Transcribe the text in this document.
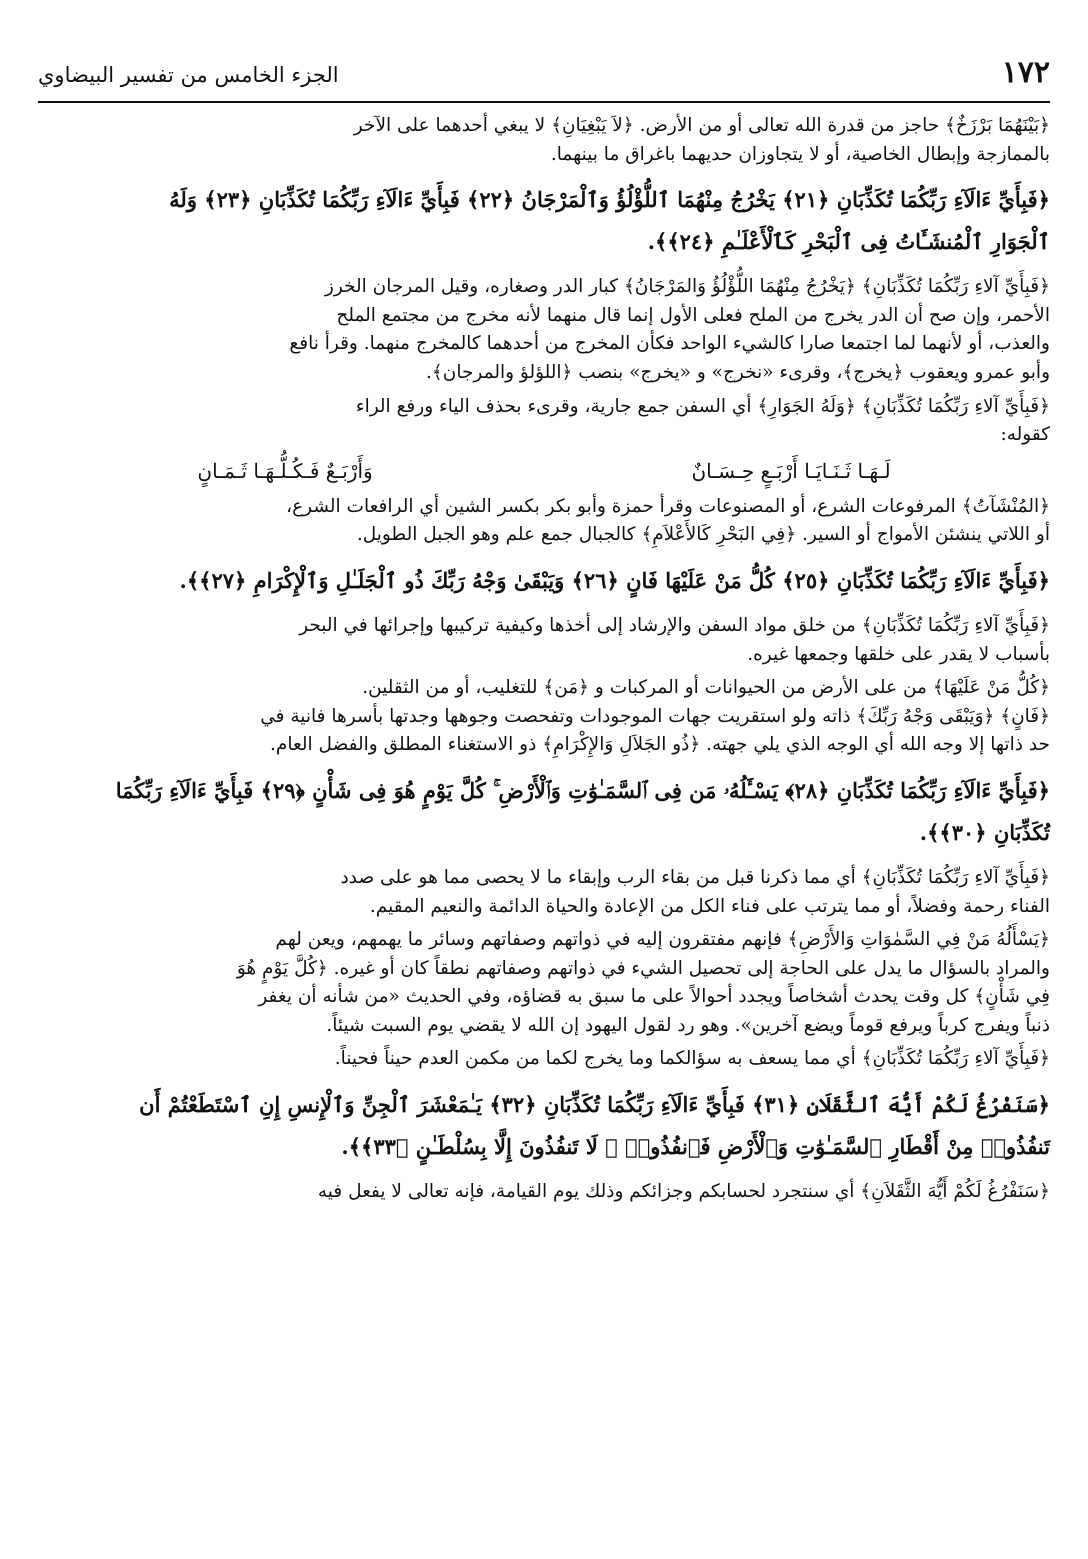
١٧٢
الجزء الخامس من تفسير البيضاوي

﴿بَيْنَهُمَا بَرْزَخٌ﴾ حاجز من قدرة الله تعالى أو من الأرض. ﴿لاَ يَبْغِيَانِ﴾ لا يبغي أحدهما على الآخر
بالممازجة وإبطال الخاصية، أو لا يتجاوزان حديهما باغراق ما بينهما.

﴿فَبِأَيِّ ءَالَآءِ رَبِّكُمَا تُكَذِّبَانِ ﴿٢١﴾ يَخْرُجُ مِنْهُمَا ٱللُّؤْلُؤُ وَٱلْمَرْجَانُ ﴿٢٢﴾ فَبِأَيِّ ءَالَآءِ رَبِّكُمَا تُكَذِّبَانِ ﴿٢٣﴾ وَلَهُ
ٱلْجَوَارِ ٱلْمُنشَـَٔاتُ فِى ٱلْبَحْرِ كَٱلْأَعْلَـٰمِ ﴿٢٤﴾﴾.

﴿فَبِأَيِّ آلاءِ رَبِّكُمَا تُكَذِّبَانِ﴾ ﴿يَخْرُجُ مِنْهُمَا اللُّؤْلُؤُ وَالمَرْجَانُ﴾ كبار الدر وصغاره، وقيل المرجان الخرز
الأحمر، وإن صح أن الدر يخرج من الملح فعلى الأول إنما قال منهما لأنه مخرج من مجتمع الملح
والعذب، أو لأنهما لما اجتمعا صارا كالشيء الواحد فكأن المخرج من أحدهما كالمخرج منهما. وقرأ نافع
وأبو عمرو ويعقوب ﴿يخرج﴾، وقرىء «نخرج» و «يخرج» بنصب ﴿اللؤلؤ والمرجان﴾.

﴿فَبِأَيِّ آلاءِ رَبِّكُمَا تُكَذِّبَانِ﴾ ﴿وَلَهُ الجَوَارِ﴾ أي السفن جمع جارية، وقرىء بحذف الياء ورفع الراء
كقوله:

لَـهَـا ثَـنَـايَـا أَرْبَـعٍ حِـسَـانٌ
وَأَرْبَـعٌ فَـكُـلُّـهَـا ثَـمَـانٍ

﴿المُنْشَآتُ﴾ المرفوعات الشرع، أو المصنوعات وقرأ حمزة وأبو بكر بكسر الشين أي الرافعات الشرع،
أو اللاتي ينشئن الأمواج أو السير. ﴿فِي البَحْرِ كَالأَعْلاَمِ﴾ كالجبال جمع علم وهو الجبل الطويل.

﴿فَبِأَيِّ ءَالَآءِ رَبِّكُمَا تُكَذِّبَانِ ﴿٢٥﴾ كُلُّ مَنْ عَلَيْهَا فَانٍ ﴿٢٦﴾ وَيَبْقَىٰ وَجْهُ رَبِّكَ ذُو ٱلْجَلَـٰلِ وَٱلْإِكْرَامِ ﴿٢٧﴾﴾.

﴿فَبِأَيِّ آلاءِ رَبِّكُمَا تُكَذِّبَانِ﴾ من خلق مواد السفن والإرشاد إلى أخذها وكيفية تركيبها وإجرائها في البحر
بأسباب لا يقدر على خلقها وجمعها غيره.

﴿كُلُّ مَنْ عَلَيْهَا﴾ من على الأرض من الحيوانات أو المركبات و ﴿مَن﴾ للتغليب، أو من الثقلين.
﴿فَانٍ﴾ ﴿وَيَبْقَى وَجْهُ رَبِّكَ﴾ ذاته ولو استقريت جهات الموجودات وتفحصت وجوهها وجدتها بأسرها فانية في
حد ذاتها إلا وجه الله أي الوجه الذي يلي جهته. ﴿ذُو الجَلاَلِ وَالإِكْرَامِ﴾ ذو الاستغناء المطلق والفضل العام.

﴿فَبِأَيِّ ءَالَآءِ رَبِّكُمَا تُكَذِّبَانِ ﴿٢٨﴾ يَسْـَٔلُهُۥ مَن فِى ٱلسَّمَـٰوَٰتِ وَٱلْأَرْضِ ۚ كُلَّ يَوْمٍ هُوَ فِى شَأْنٍ ﴿٢٩﴾ فَبِأَيِّ ءَالَآءِ رَبِّكُمَا
تُكَذِّبَانِ ﴿٣٠﴾﴾.

﴿فَبِأَيِّ آلاءِ رَبِّكُمَا تُكَذِّبَانِ﴾ أي مما ذكرنا قبل من بقاء الرب وإبقاء ما لا يحصى مما هو على صدد
الفناء رحمة وفضلاً، أو مما يترتب على فناء الكل من الإعادة والحياة الدائمة والنعيم المقيم.

﴿يَسْأَلُهُ مَنْ فِي السَّمٰوَاتِ وَالأَرْضِ﴾ فإنهم مفتقرون إليه في ذواتهم وصفاتهم وسائر ما يهمهم، ويعن لهم
والمراد بالسؤال ما يدل على الحاجة إلى تحصيل الشيء في ذواتهم وصفاتهم نطقاً كان أو غيره. ﴿كُلَّ يَوْمٍ هُوَ
فِي شَأْنٍ﴾ كل وقت يحدث أشخاصاً ويجدد أحوالاً على ما سبق به قضاؤه، وفي الحديث «من شأنه أن يغفر
ذنباً ويفرج كرباً ويرفع قوماً ويضع آخرين». وهو رد لقول اليهود إن الله لا يقضي يوم السبت شيئاً.

﴿فَبِأَيِّ آلاءِ رَبِّكُمَا تُكَذِّبَانِ﴾ أي مما يسعف به سؤالكما وما يخرج لكما من مكمن العدم حيناً فحيناً.

﴿سَنَفْرُغُ لَكُمْ أَيُّهَ ٱلثَّقَلَانِ ﴿٣١﴾ فَبِأَيِّ ءَالَآءِ رَبِّكُمَا تُكَذِّبَانِ ﴿٣٢﴾ يَـٰمَعْشَرَ ٱلْجِنِّ وَٱلْإِنسِ إِنِ ٱسْتَطَعْتُمْ أَن
تَنفُذُوا۟ مِنْ أَقْطَارِ ٱلسَّمَـٰوَٰتِ وَٱلْأَرْضِ فَٱنفُذُوا۟ ۚ لَا تَنفُذُونَ إِلَّا بِسُلْطَـٰنٍ ﴿٣٣﴾﴾.

﴿سَنَفْرُغُ لَكُمْ أَيُّهَ الثَّقَلاَنِ﴾ أي سنتجرد لحسابكم وجزائكم وذلك يوم القيامة، فإنه تعالى لا يفعل فيه
